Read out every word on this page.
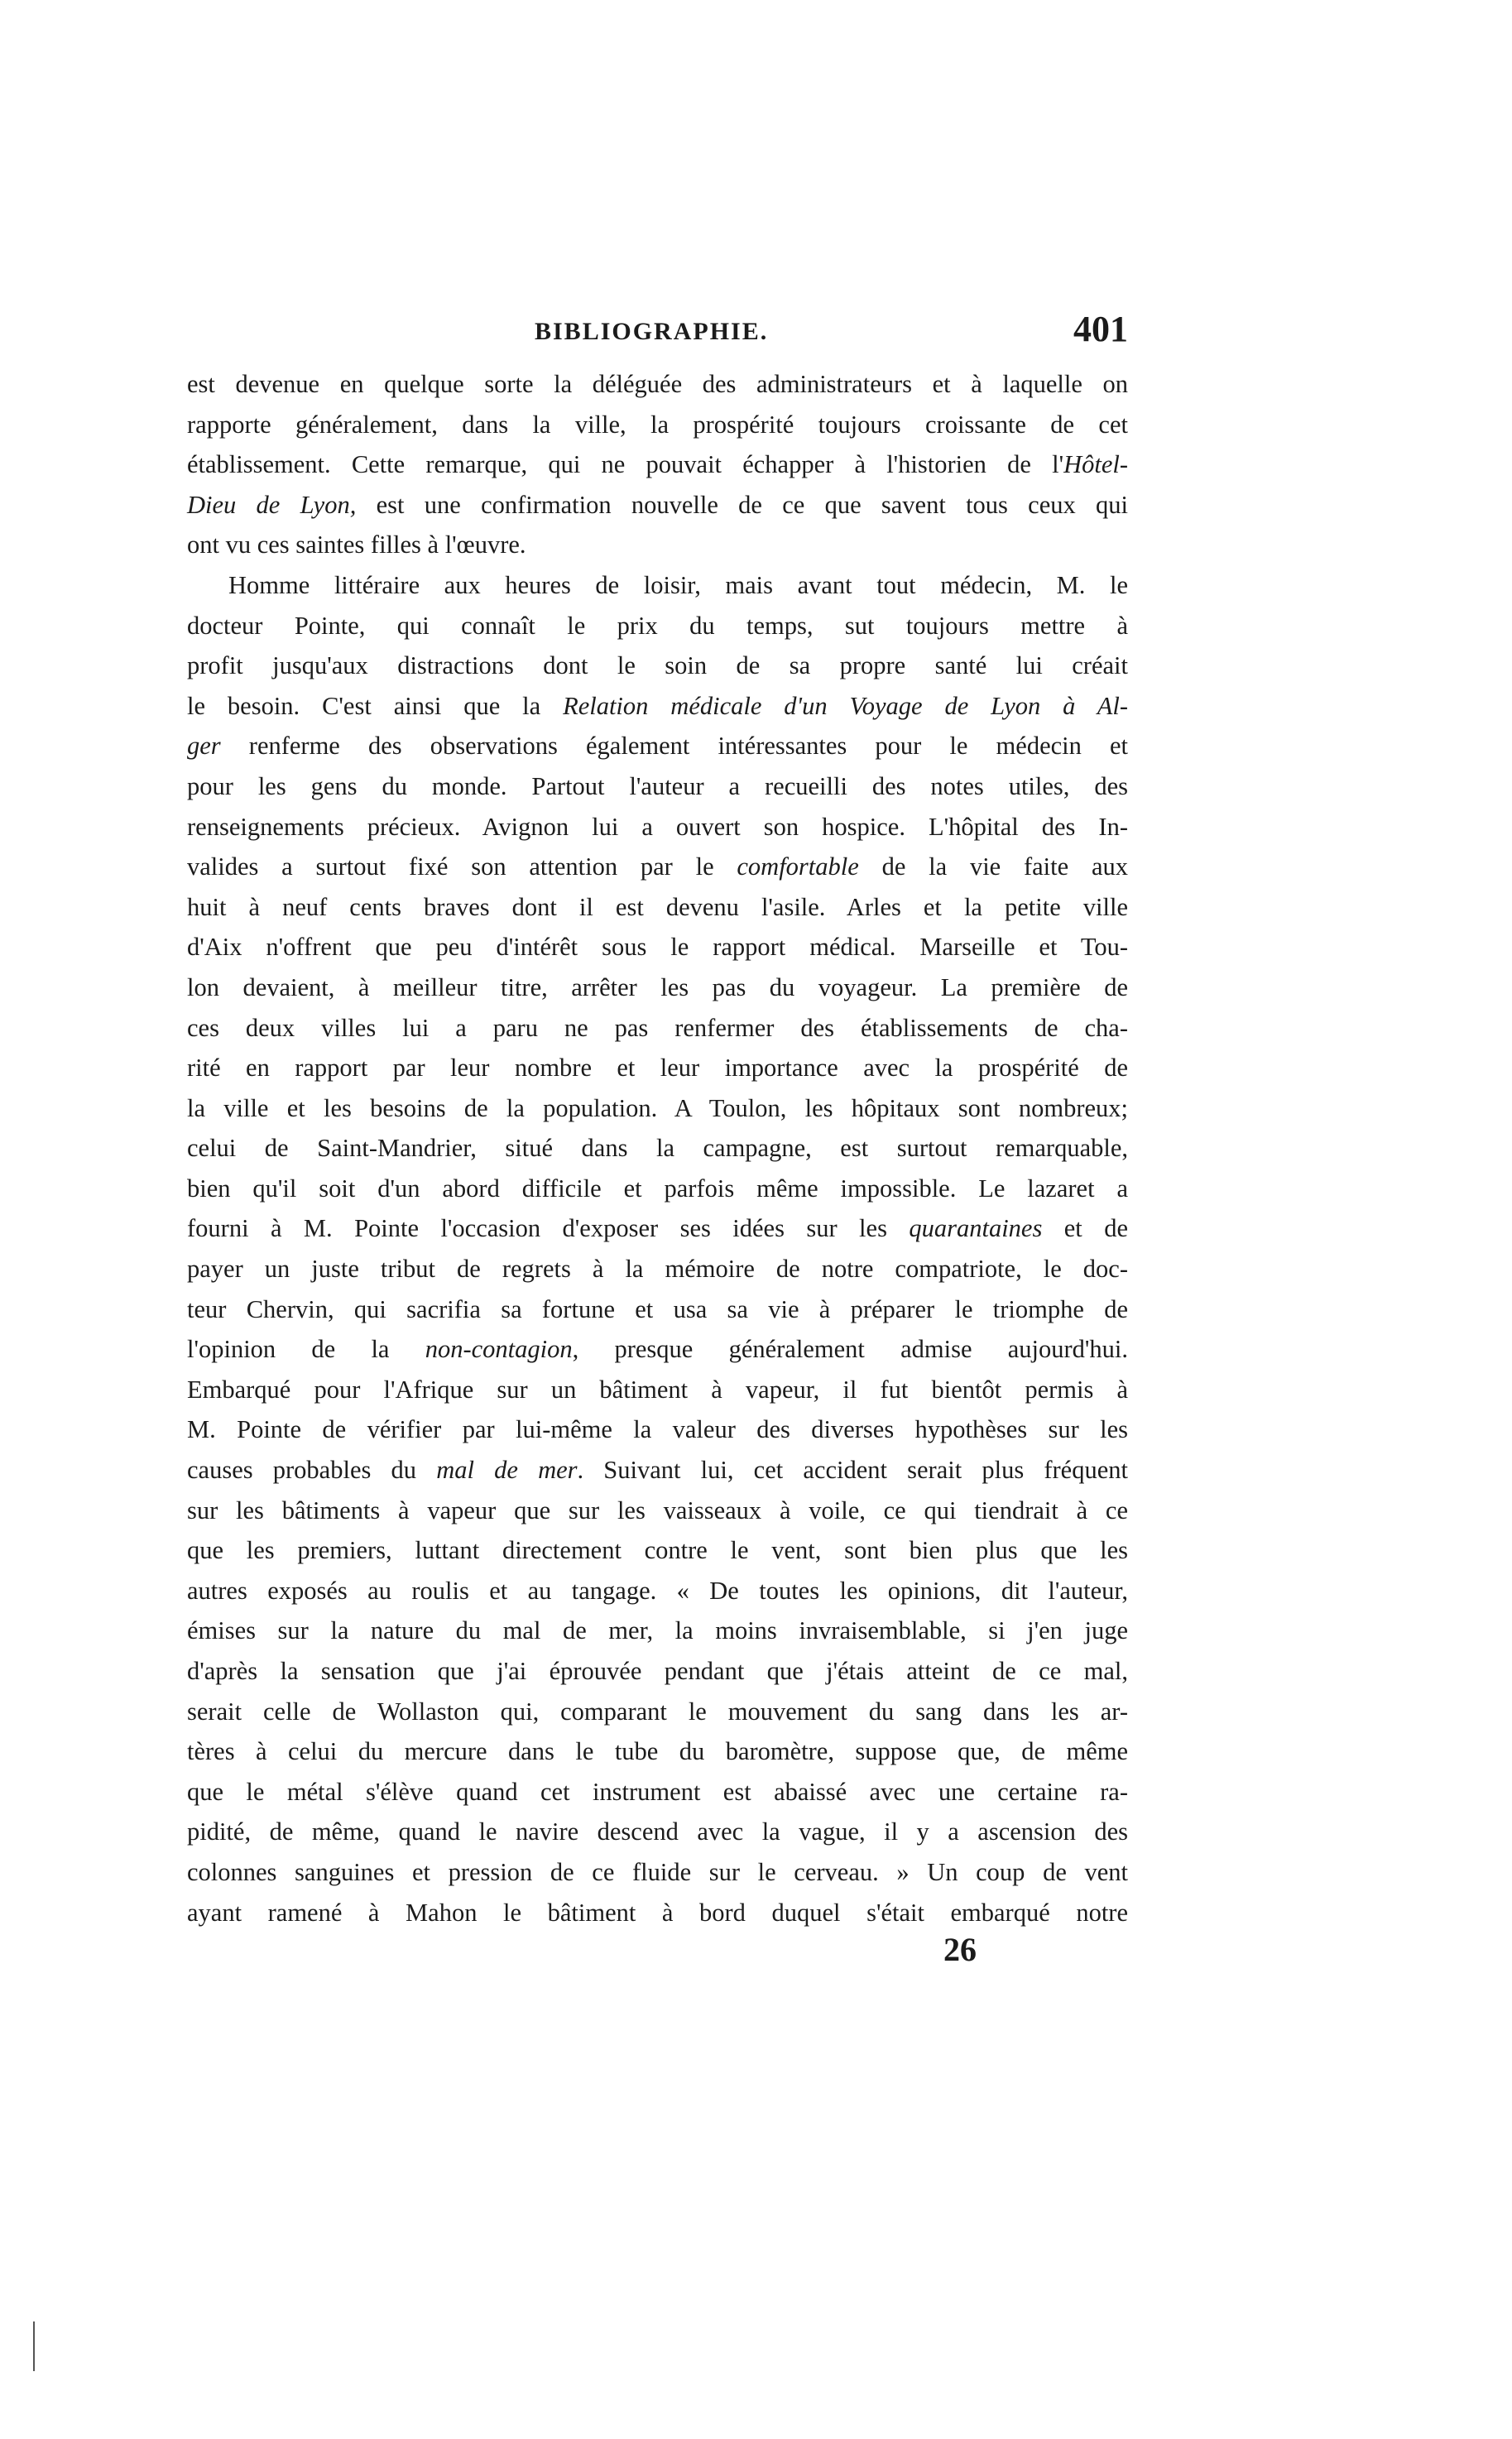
BIBLIOGRAPHIE.	401
est devenue en quelque sorte la déléguée des administrateurs et à laquelle on
rapporte généralement, dans la ville, la prospérité toujours croissante de cet
établissement. Cette remarque, qui ne pouvait échapper à l'historien de l'Hôtel-
Dieu de Lyon, est une confirmation nouvelle de ce que savent tous ceux qui
ont vu ces saintes filles à l'œuvre.
Homme littéraire aux heures de loisir, mais avant tout médecin, M. le
docteur Pointe, qui connaît le prix du temps, sut toujours mettre à
profit jusqu'aux distractions dont le soin de sa propre santé lui créait
le besoin. C'est ainsi que la Relation médicale d'un Voyage de Lyon à Al-
ger renferme des observations également intéressantes pour le médecin et
pour les gens du monde. Partout l'auteur a recueilli des notes utiles, des
renseignements précieux. Avignon lui a ouvert son hospice. L'hôpital des In-
valides a surtout fixé son attention par le comfortable de la vie faite aux
huit à neuf cents braves dont il est devenu l'asile. Arles et la petite ville
d'Aix n'offrent que peu d'intérêt sous le rapport médical. Marseille et Tou-
lon devaient, à meilleur titre, arrêter les pas du voyageur. La première de
ces deux villes lui a paru ne pas renfermer des établissements de cha-
rité en rapport par leur nombre et leur importance avec la prospérité de
la ville et les besoins de la population. A Toulon, les hôpitaux sont nombreux;
celui de Saint-Mandrier, situé dans la campagne, est surtout remarquable,
bien qu'il soit d'un abord difficile et parfois même impossible. Le lazaret a
fourni à M. Pointe l'occasion d'exposer ses idées sur les quarantaines et de
payer un juste tribut de regrets à la mémoire de notre compatriote, le doc-
teur Chervin, qui sacrifia sa fortune et usa sa vie à préparer le triomphe de
l'opinion de la non-contagion, presque généralement admise aujourd'hui.
Embarqué pour l'Afrique sur un bâtiment à vapeur, il fut bientôt permis à
M. Pointe de vérifier par lui-même la valeur des diverses hypothèses sur les
causes probables du mal de mer. Suivant lui, cet accident serait plus fréquent
sur les bâtiments à vapeur que sur les vaisseaux à voile, ce qui tiendrait à ce
que les premiers, luttant directement contre le vent, sont bien plus que les
autres exposés au roulis et au tangage. « De toutes les opinions, dit l'auteur,
émises sur la nature du mal de mer, la moins invraisemblable, si j'en juge
d'après la sensation que j'ai éprouvée pendant que j'étais atteint de ce mal,
serait celle de Wollaston qui, comparant le mouvement du sang dans les ar-
tères à celui du mercure dans le tube du baromètre, suppose que, de même
que le métal s'élève quand cet instrument est abaissé avec une certaine ra-
pidité, de même, quand le navire descend avec la vague, il y a ascension des
colonnes sanguines et pression de ce fluide sur le cerveau. » Un coup de vent
ayant ramené à Mahon le bâtiment à bord duquel s'était embarqué notre
26
